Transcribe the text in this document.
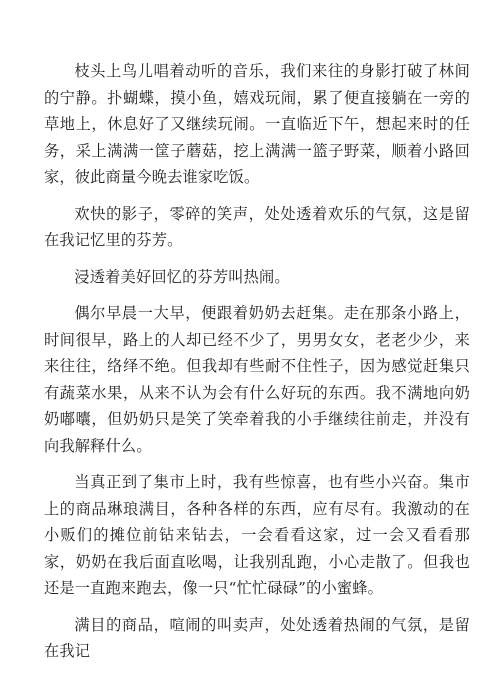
枝头上鸟儿唱着动听的音乐，我们来往的身影打破了林间的宁静。扑蝴蝶，摸小鱼，嬉戏玩闹，累了便直接躺在一旁的草地上，休息好了又继续玩闹。一直临近下午，想起来时的任务，采上满满一筐子蘑菇，挖上满满一篮子野菜，顺着小路回家，彼此商量今晚去谁家吃饭。

欢快的影子，零碎的笑声，处处透着欢乐的气氛，这是留在我记忆里的芬芳。

浸透着美好回忆的芬芳叫热闹。

偶尔早晨一大早，便跟着奶奶去赶集。走在那条小路上，时间很早，路上的人却已经不少了，男男女女，老老少少，来来往往，络绎不绝。但我却有些耐不住性子，因为感觉赶集只有蔬菜水果，从来不认为会有什么好玩的东西。我不满地向奶奶嘟囔，但奶奶只是笑了笑牵着我的小手继续往前走，并没有向我解释什么。

当真正到了集市上时，我有些惊喜，也有些小兴奋。集市上的商品琳琅满目，各种各样的东西，应有尽有。我激动的在小贩们的摊位前钻来钻去，一会看看这家，过一会又看看那家，奶奶在我后面直吆喝，让我别乱跑，小心走散了。但我也还是一直跑来跑去，像一只“忙忙碌碌”的小蜜蜂。

满目的商品，喧闹的叫卖声，处处透着热闹的气氛，是留在我记
